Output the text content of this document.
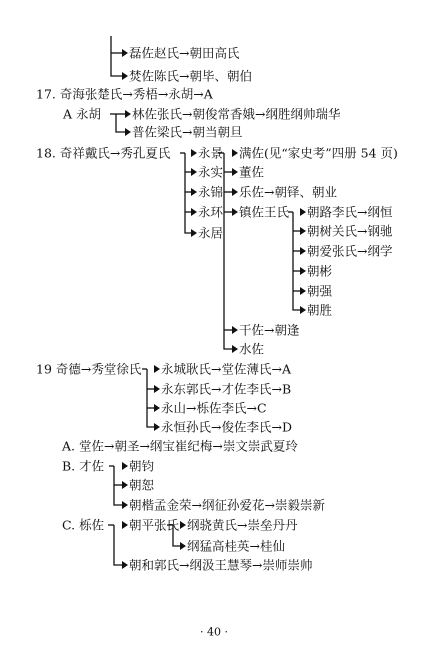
磊佐赵氏→朝田高氏
焚佐陈氏→朝毕、朝伯
17. 奇海张楚氏→秀梧→永胡→A
A 永胡 林佐张氏→朝俊常香娥→纲胜纲帅瑞华
普佐梁氏→朝当朝旦
18. 奇祥戴氏→秀孔夏氏 永景 满佐(见“家史考”四册 54 页)
董佐
乐佐→朝铎、朝业
镇佐王氏 朝路李氏→纲恒
朝树关氏→钢驰
朝爱张氏→纲学
朝彬
朝强
朝胜
干佐→朝逢
水佐
永实
永锦
永环
永居
19 奇德→秀堂徐氏 永城耿氏→堂佐薄氏→A
永东郭氏→才佐李氏→B
永山→栎佐李氏→C
永恒孙氏→俊佐李氏→D
A. 堂佐→朝圣→纲宝崔纪梅→崇文崇武夏玲
B. 才佐 朝钧
朝恕
朝楷孟金荣→纲征孙爱花→崇毅崇新
C. 栎佐 朝平张氏 纲骁黄氏→崇垒丹丹
纲猛高桂英→桂仙
朝和郭氏→纲汲王慧琴→崇师崇帅
· 40 ·
